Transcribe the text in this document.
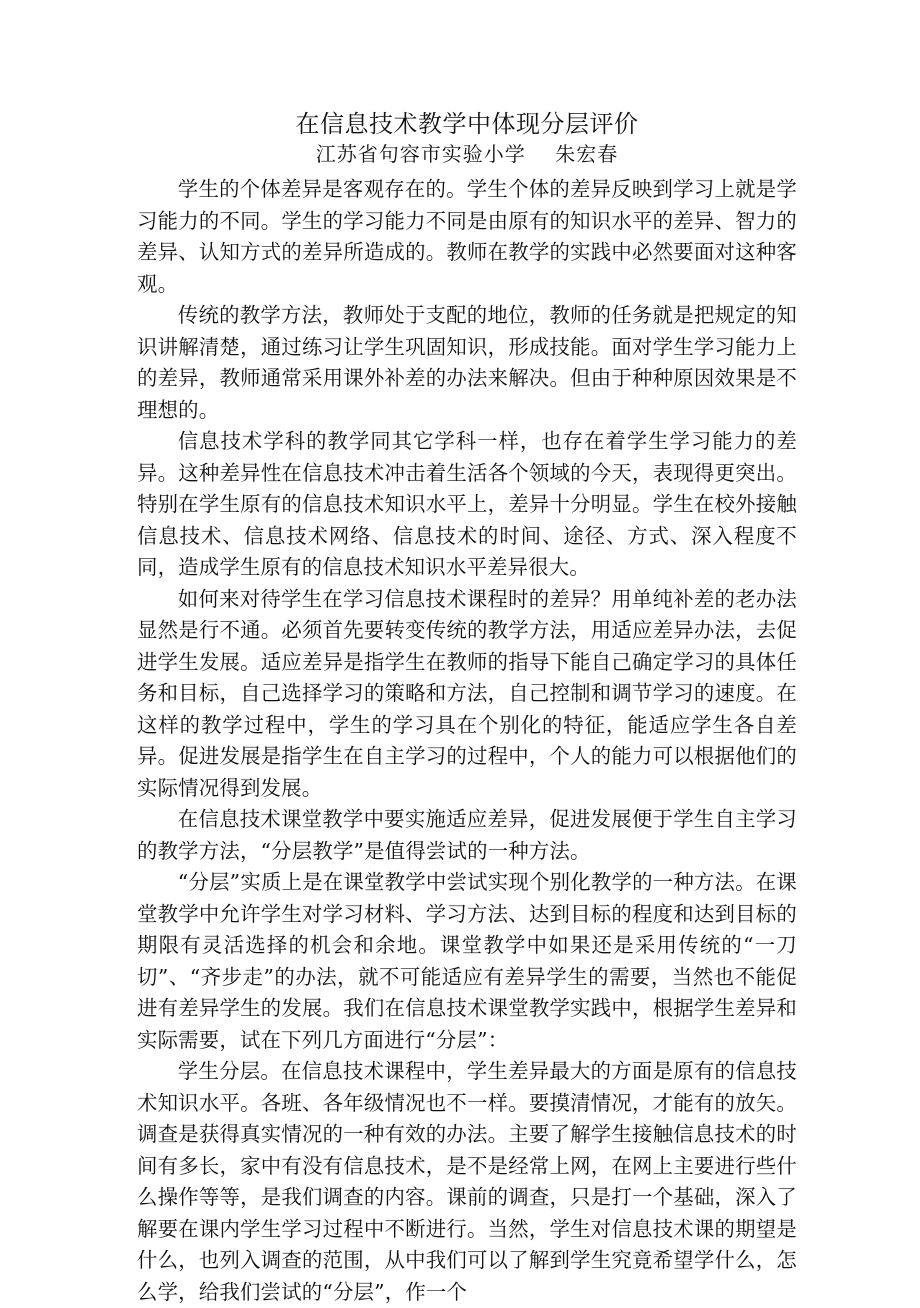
在信息技术教学中体现分层评价
江苏省句容市实验小学    朱宏春

学生的个体差异是客观存在的。学生个体的差异反映到学习上就是学习能力的不同。学生的学习能力不同是由原有的知识水平的差异、智力的差异、认知方式的差异所造成的。教师在教学的实践中必然要面对这种客观。

传统的教学方法，教师处于支配的地位，教师的任务就是把规定的知识讲解清楚，通过练习让学生巩固知识，形成技能。面对学生学习能力上的差异，教师通常采用课外补差的办法来解决。但由于种种原因效果是不理想的。

信息技术学科的教学同其它学科一样，也存在着学生学习能力的差异。这种差异性在信息技术冲击着生活各个领域的今天，表现得更突出。特别在学生原有的信息技术知识水平上，差异十分明显。学生在校外接触信息技术、信息技术网络、信息技术的时间、途径、方式、深入程度不同，造成学生原有的信息技术知识水平差异很大。

如何来对待学生在学习信息技术课程时的差异？用单纯补差的老办法显然是行不通。必须首先要转变传统的教学方法，用适应差异办法，去促进学生发展。适应差异是指学生在教师的指导下能自己确定学习的具体任务和目标，自己选择学习的策略和方法，自己控制和调节学习的速度。在这样的教学过程中，学生的学习具在个别化的特征，能适应学生各自差异。促进发展是指学生在自主学习的过程中，个人的能力可以根据他们的实际情况得到发展。

在信息技术课堂教学中要实施适应差异，促进发展便于学生自主学习的教学方法，“分层教学”是值得尝试的一种方法。

“分层”实质上是在课堂教学中尝试实现个别化教学的一种方法。在课堂教学中允许学生对学习材料、学习方法、达到目标的程度和达到目标的期限有灵活选择的机会和余地。课堂教学中如果还是采用传统的“一刀切”、“齐步走”的办法，就不可能适应有差异学生的需要，当然也不能促进有差异学生的发展。我们在信息技术课堂教学实践中，根据学生差异和实际需要，试在下列几方面进行“分层”：

学生分层。在信息技术课程中，学生差异最大的方面是原有的信息技术知识水平。各班、各年级情况也不一样。要摸清情况，才能有的放矢。调查是获得真实情况的一种有效的办法。主要了解学生接触信息技术的时间有多长，家中有没有信息技术，是不是经常上网，在网上主要进行些什么操作等等，是我们调查的内容。课前的调查，只是打一个基础，深入了解要在课内学生学习过程中不断进行。当然，学生对信息技术课的期望是什么，也列入调查的范围，从中我们可以了解到学生究竟希望学什么，怎么学，给我们尝试的“分层”，作一个
